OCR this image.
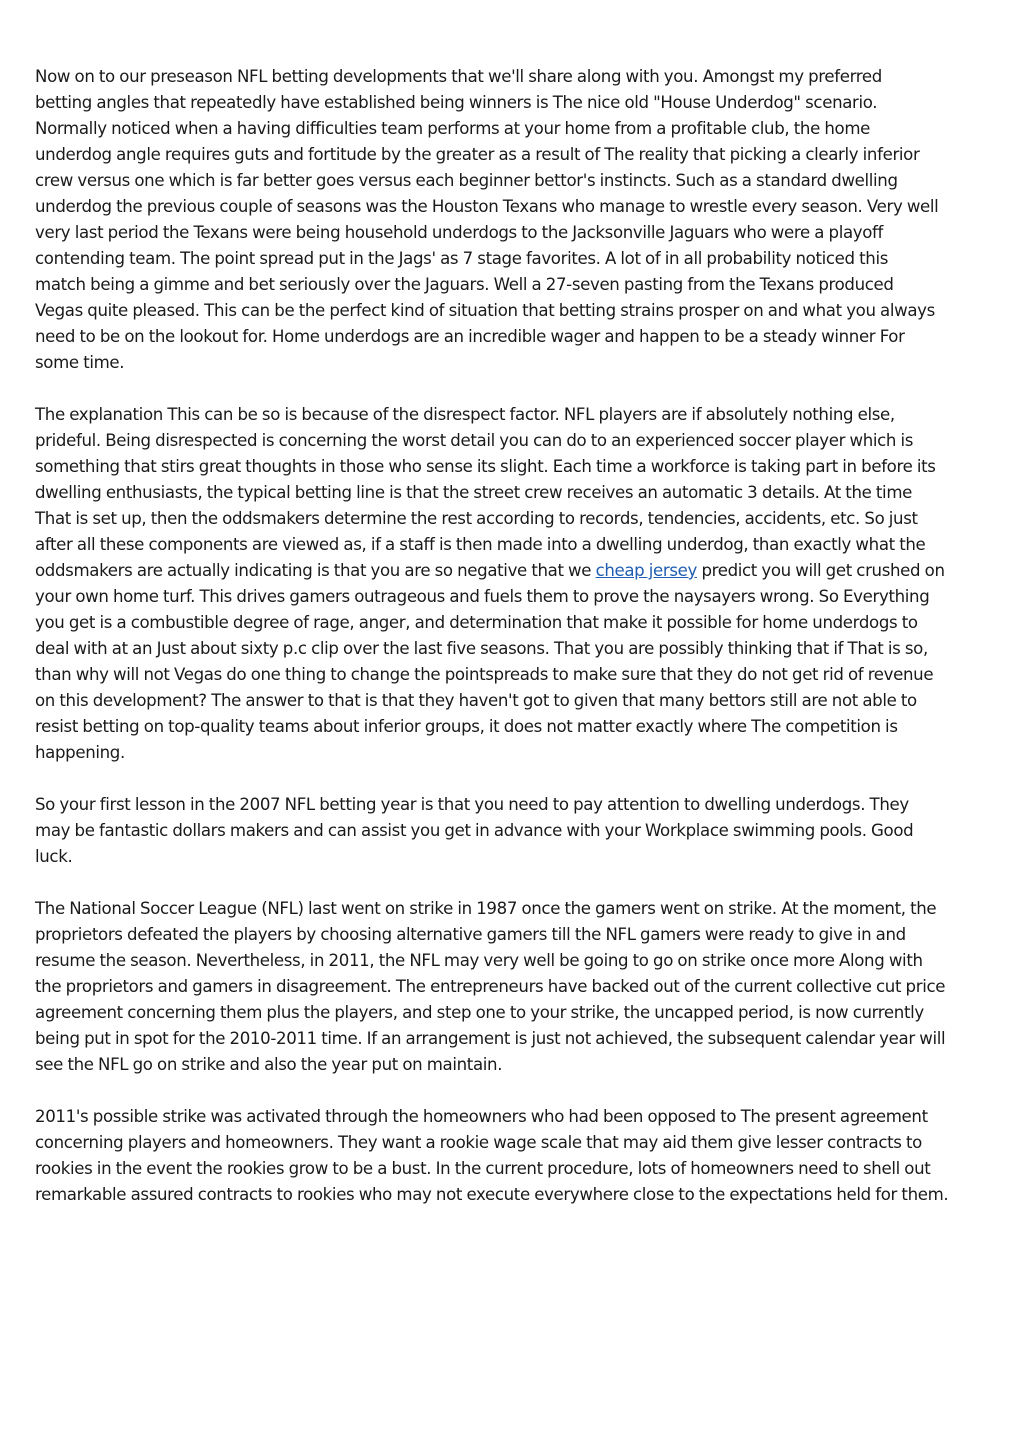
Now on to our preseason NFL betting developments that we'll share along with you. Amongst my preferred
betting angles that repeatedly have established being winners is The nice old "House Underdog" scenario.
Normally noticed when a having difficulties team performs at your home from a profitable club, the home
underdog angle requires guts and fortitude by the greater as a result of The reality that picking a clearly inferior
crew versus one which is far better goes versus each beginner bettor's instincts. Such as a standard dwelling
underdog the previous couple of seasons was the Houston Texans who manage to wrestle every season. Very well
very last period the Texans were being household underdogs to the Jacksonville Jaguars who were a playoff
contending team. The point spread put in the Jags' as 7 stage favorites. A lot of in all probability noticed this
match being a gimme and bet seriously over the Jaguars. Well a 27-seven pasting from the Texans produced
Vegas quite pleased. This can be the perfect kind of situation that betting strains prosper on and what you always
need to be on the lookout for. Home underdogs are an incredible wager and happen to be a steady winner For
some time.

The explanation This can be so is because of the disrespect factor. NFL players are if absolutely nothing else,
prideful. Being disrespected is concerning the worst detail you can do to an experienced soccer player which is
something that stirs great thoughts in those who sense its slight. Each time a workforce is taking part in before its
dwelling enthusiasts, the typical betting line is that the street crew receives an automatic 3 details. At the time
That is set up, then the oddsmakers determine the rest according to records, tendencies, accidents, etc. So just
after all these components are viewed as, if a staff is then made into a dwelling underdog, than exactly what the
oddsmakers are actually indicating is that you are so negative that we cheap jersey predict you will get crushed on
your own home turf. This drives gamers outrageous and fuels them to prove the naysayers wrong. So Everything
you get is a combustible degree of rage, anger, and determination that make it possible for home underdogs to
deal with at an Just about sixty p.c clip over the last five seasons. That you are possibly thinking that if That is so,
than why will not Vegas do one thing to change the pointspreads to make sure that they do not get rid of revenue
on this development? The answer to that is that they haven't got to given that many bettors still are not able to
resist betting on top-quality teams about inferior groups, it does not matter exactly where The competition is
happening.

So your first lesson in the 2007 NFL betting year is that you need to pay attention to dwelling underdogs. They
may be fantastic dollars makers and can assist you get in advance with your Workplace swimming pools. Good
luck.

The National Soccer League (NFL) last went on strike in 1987 once the gamers went on strike. At the moment, the
proprietors defeated the players by choosing alternative gamers till the NFL gamers were ready to give in and
resume the season. Nevertheless, in 2011, the NFL may very well be going to go on strike once more Along with
the proprietors and gamers in disagreement. The entrepreneurs have backed out of the current collective cut price
agreement concerning them plus the players, and step one to your strike, the uncapped period, is now currently
being put in spot for the 2010-2011 time. If an arrangement is just not achieved, the subsequent calendar year will
see the NFL go on strike and also the year put on maintain.

2011's possible strike was activated through the homeowners who had been opposed to The present agreement
concerning players and homeowners. They want a rookie wage scale that may aid them give lesser contracts to
rookies in the event the rookies grow to be a bust. In the current procedure, lots of homeowners need to shell out
remarkable assured contracts to rookies who may not execute everywhere close to the expectations held for them.
